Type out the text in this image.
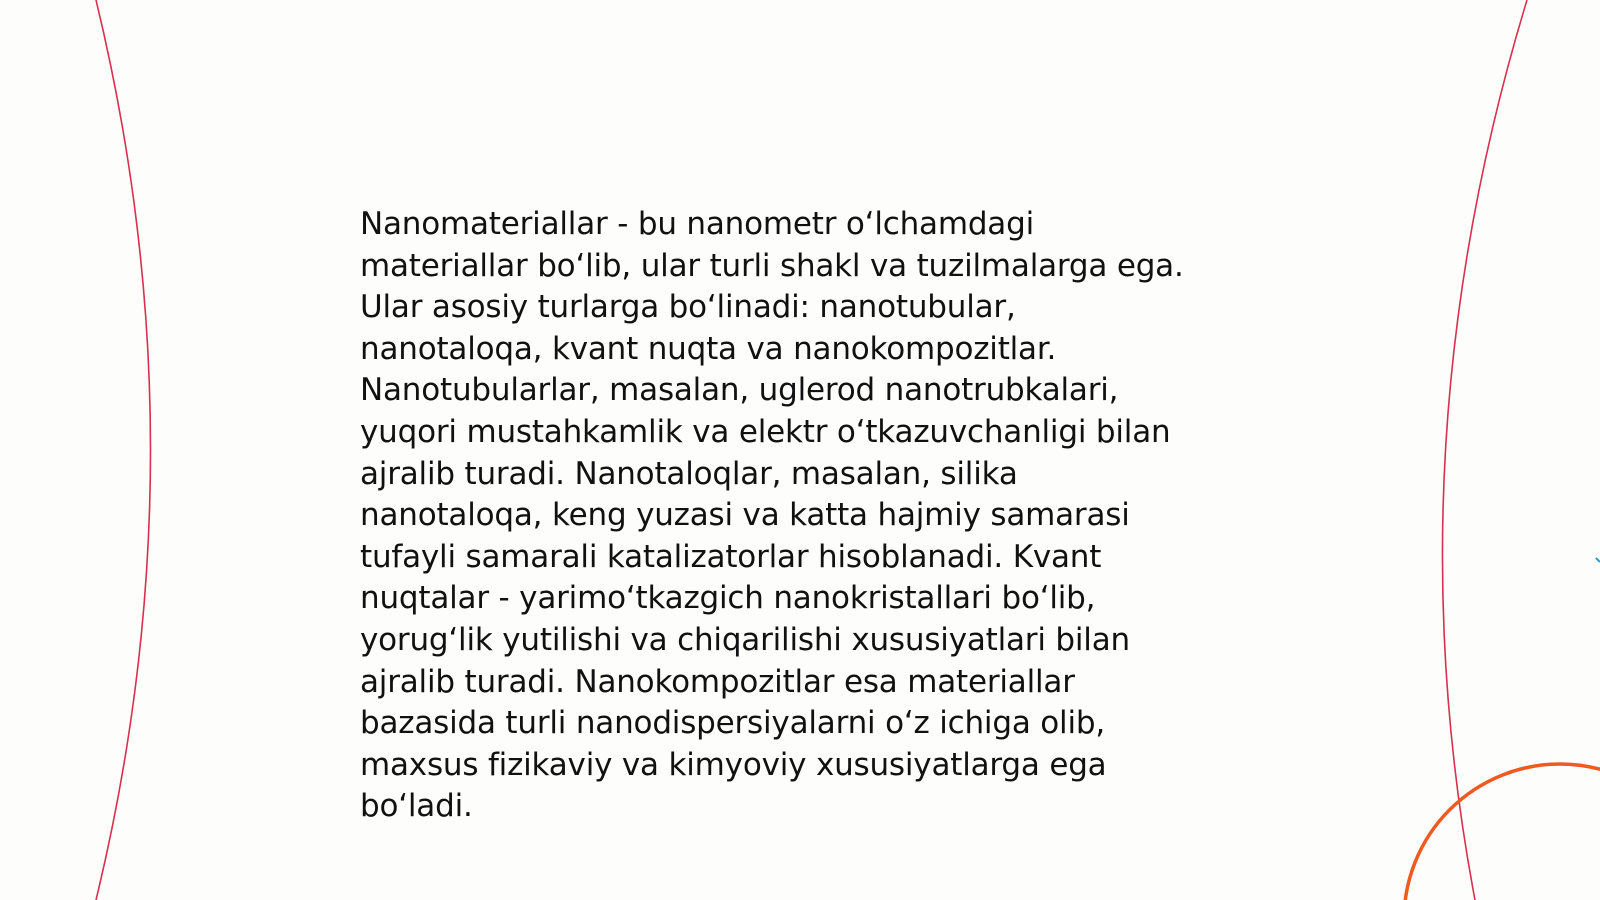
Nanomateriallar - bu nanometr o‘lchamdagi
materiallar bo‘lib, ular turli shakl va tuzilmalarga ega.
Ular asosiy turlarga bo‘linadi: nanotubular,
nanotaloqa, kvant nuqta va nanokompozitlar.
Nanotubularlar, masalan, uglerod nanotrubkalari,
yuqori mustahkamlik va elektr o‘tkazuvchanligi bilan
ajralib turadi. Nanotaloqlar, masalan, silika
nanotaloqa, keng yuzasi va katta hajmiy samarasi
tufayli samarali katalizatorlar hisoblanadi. Kvant
nuqtalar - yarimo‘tkazgich nanokristallari bo‘lib,
yorug‘lik yutilishi va chiqarilishi xususiyatlari bilan
ajralib turadi. Nanokompozitlar esa materiallar
bazasida turli nanodispersiyalarni o‘z ichiga olib,
maxsus fizikaviy va kimyoviy xususiyatlarga ega
bo‘ladi.
